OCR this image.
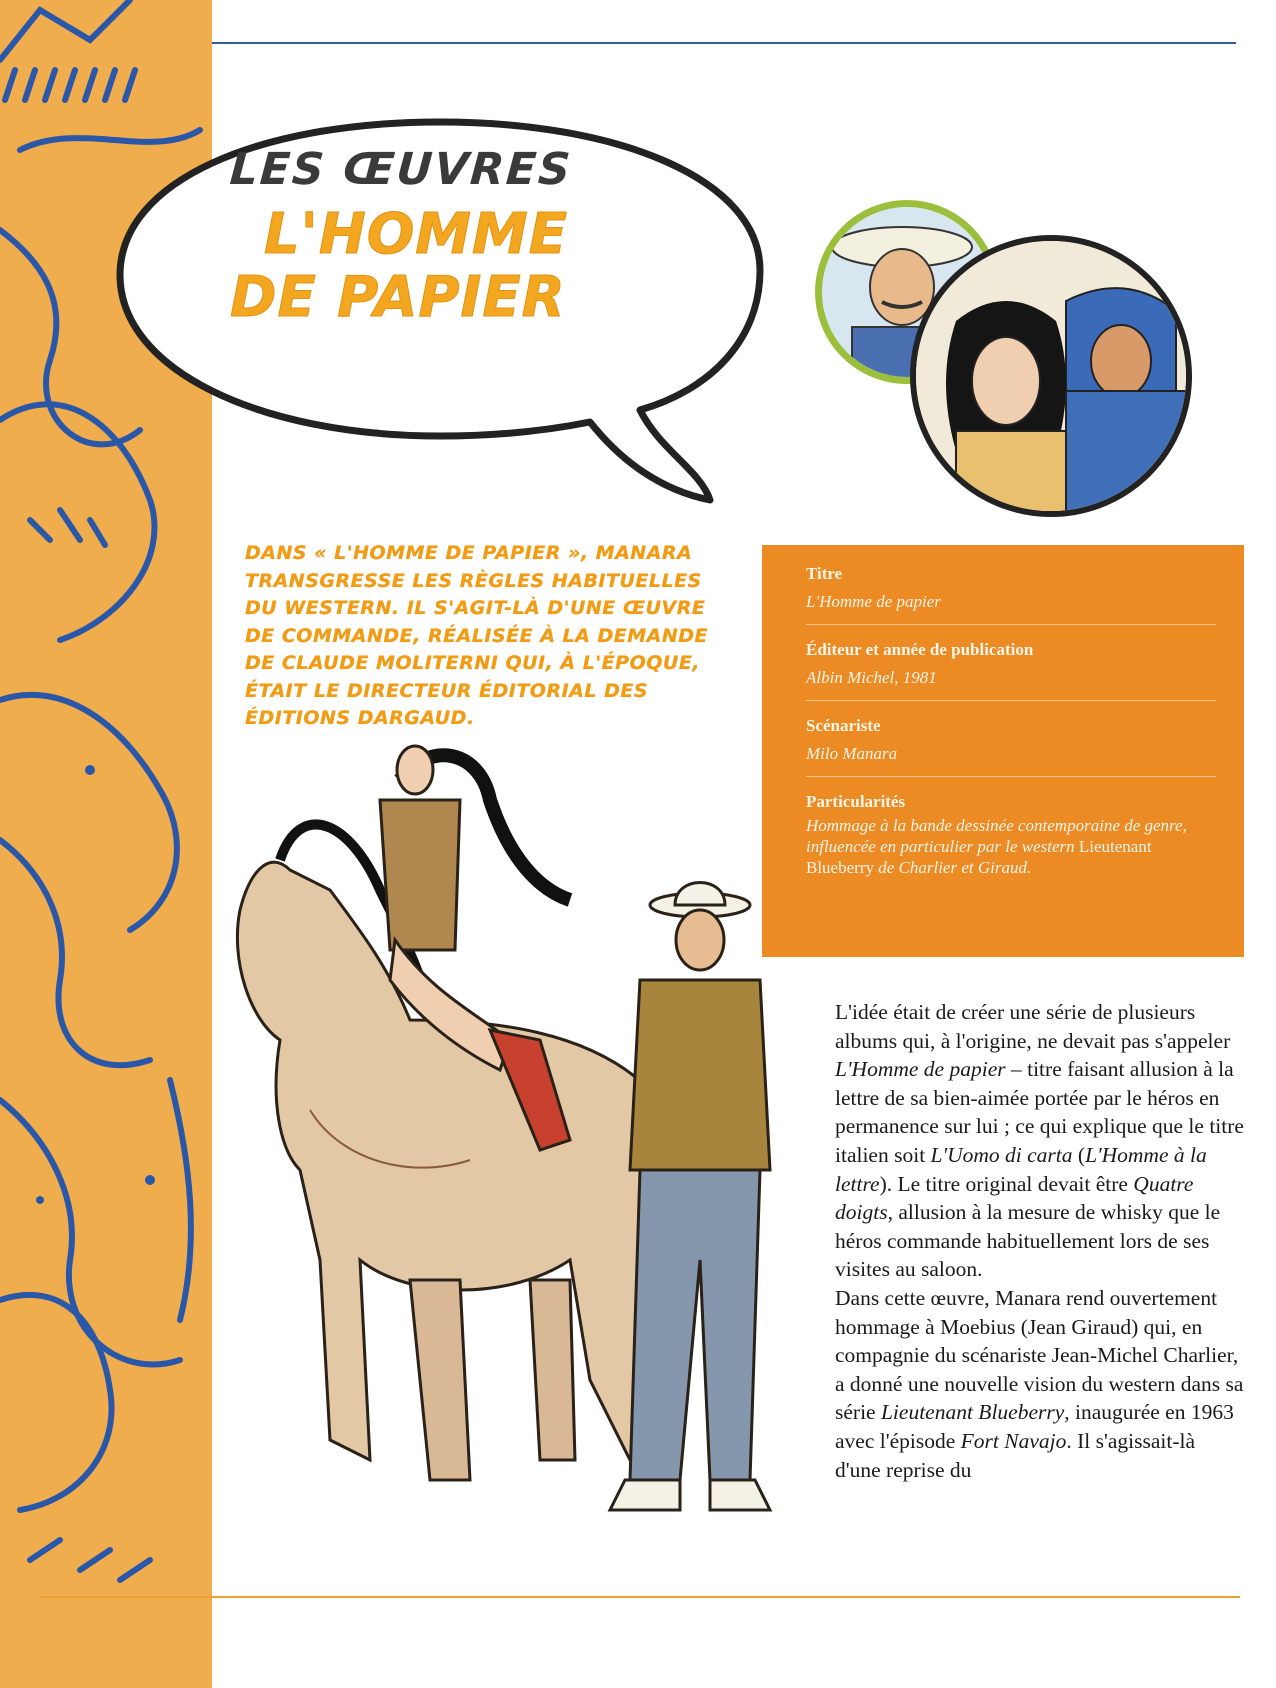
LES ŒUVRES
L'HOMME
DE PAPIER
DANS « L'HOMME DE PAPIER », MANARA TRANSGRESSE LES RÈGLES HABITUELLES DU WESTERN. IL S'AGIT-LÀ D'UNE ŒUVRE DE COMMANDE, RÉALISÉE À LA DEMANDE DE CLAUDE MOLITERNI QUI, À L'ÉPOQUE, ÉTAIT LE DIRECTEUR ÉDITORIAL DES ÉDITIONS DARGAUD.
Titre
L'Homme de papier
Éditeur et année de publication
Albin Michel, 1981
Scénariste
Milo Manara
Particularités
Hommage à la bande dessinée contemporaine de genre, influencée en particulier par le western Lieutenant Blueberry de Charlier et Giraud.

L'idée était de créer une série de plusieurs albums qui, à l'origine, ne devait pas s'appeler L'Homme de papier – titre faisant allusion à la lettre de sa bien-aimée portée par le héros en permanence sur lui ; ce qui explique que le titre italien soit L'Uomo di carta (L'Homme à la lettre). Le titre original devait être Quatre doigts, allusion à la mesure de whisky que le héros commande habituellement lors de ses visites au saloon.

Dans cette œuvre, Manara rend ouvertement hommage à Moebius (Jean Giraud) qui, en compagnie du scénariste Jean-Michel Charlier, a donné une nouvelle vision du western dans sa série Lieutenant Blueberry, inaugurée en 1963 avec l'épisode Fort Navajo. Il s'agissait-là d'une reprise du
